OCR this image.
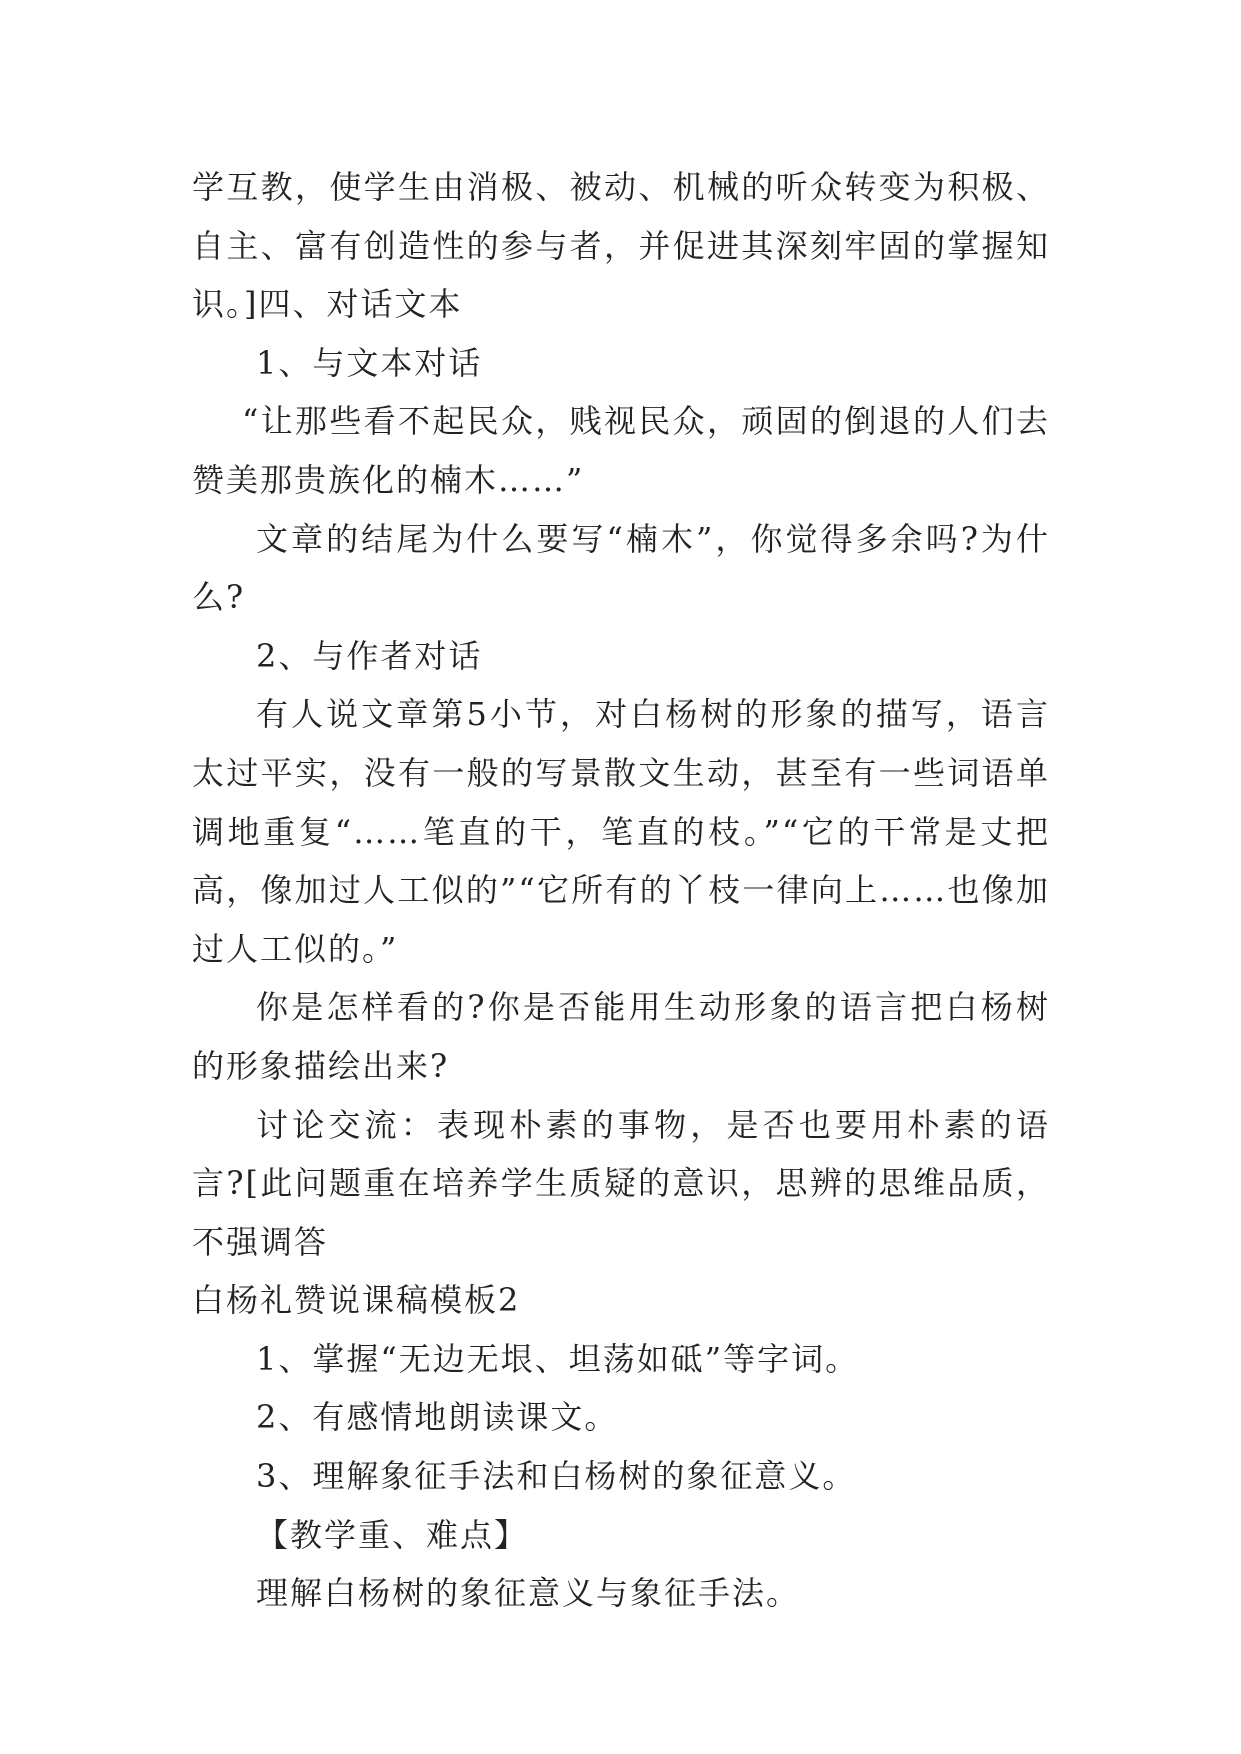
学互教，使学生由消极、被动、机械的听众转变为积极、自主、富有创造性的参与者，并促进其深刻牢固的掌握知识。]四、对话文本

1、与文本对话

“让那些看不起民众，贱视民众，顽固的倒退的人们去赞美那贵族化的楠木……”

文章的结尾为什么要写“楠木”，你觉得多余吗?为什么?

2、与作者对话

有人说文章第5小节，对白杨树的形象的描写，语言太过平实，没有一般的写景散文生动，甚至有一些词语单调地重复“……笔直的干，笔直的枝。”“它的干常是丈把高，像加过人工似的”“它所有的丫枝一律向上……也像加过人工似的。”

你是怎样看的?你是否能用生动形象的语言把白杨树的形象描绘出来?

讨论交流：表现朴素的事物，是否也要用朴素的语言?[此问题重在培养学生质疑的意识，思辨的思维品质，不强调答

白杨礼赞说课稿模板2

1、掌握“无边无垠、坦荡如砥”等字词。

2、有感情地朗读课文。

3、理解象征手法和白杨树的象征意义。

【教学重、难点】

理解白杨树的象征意义与象征手法。
